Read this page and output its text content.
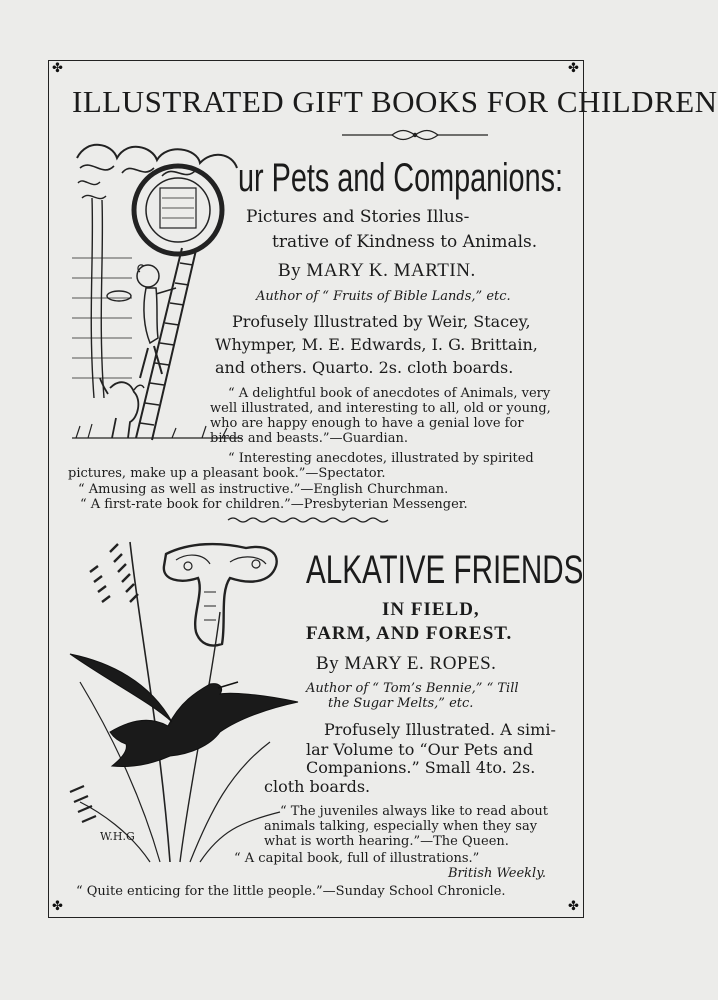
✤	✤
✤	✤
ILLUSTRATED GIFT BOOKS FOR CHILDREN
ur Pets and Companions:
Pictures and Stories Illus-
trative of Kindness to Animals.
By MARY K. MARTIN.
Author of “ Fruits of Bible Lands,” etc.
Profusely Illustrated by Weir, Stacey,
Whymper, M. E. Edwards, I. G. Brittain,
and others. Quarto. 2s. cloth boards.
“ A delightful book of anecdotes of Animals, very
well illustrated, and interesting to all, old or young,
who are happy enough to have a genial love for
birds and beasts.”—Guardian.
“ Interesting anecdotes, illustrated by spirited
pictures, make up a pleasant book.”—Spectator.
“ Amusing as well as instructive.”—English Churchman.
“ A first-rate book for children.”—Presbyterian Messenger.
W.H.G
ALKATIVE FRIENDS
IN FIELD,
FARM, AND FOREST.
By MARY E. ROPES.
Author of “ Tom’s Bennie,” “ Till
the Sugar Melts,” etc.
Profusely Illustrated. A simi-
lar Volume to “Our Pets and
Companions.” Small 4to. 2s.
cloth boards.
“ The juveniles always like to read about
animals talking, especially when they say
what is worth hearing.”—The Queen.
“ A capital book, full of illustrations.”
British Weekly.
“ Quite enticing for the little people.”—Sunday School Chronicle.
